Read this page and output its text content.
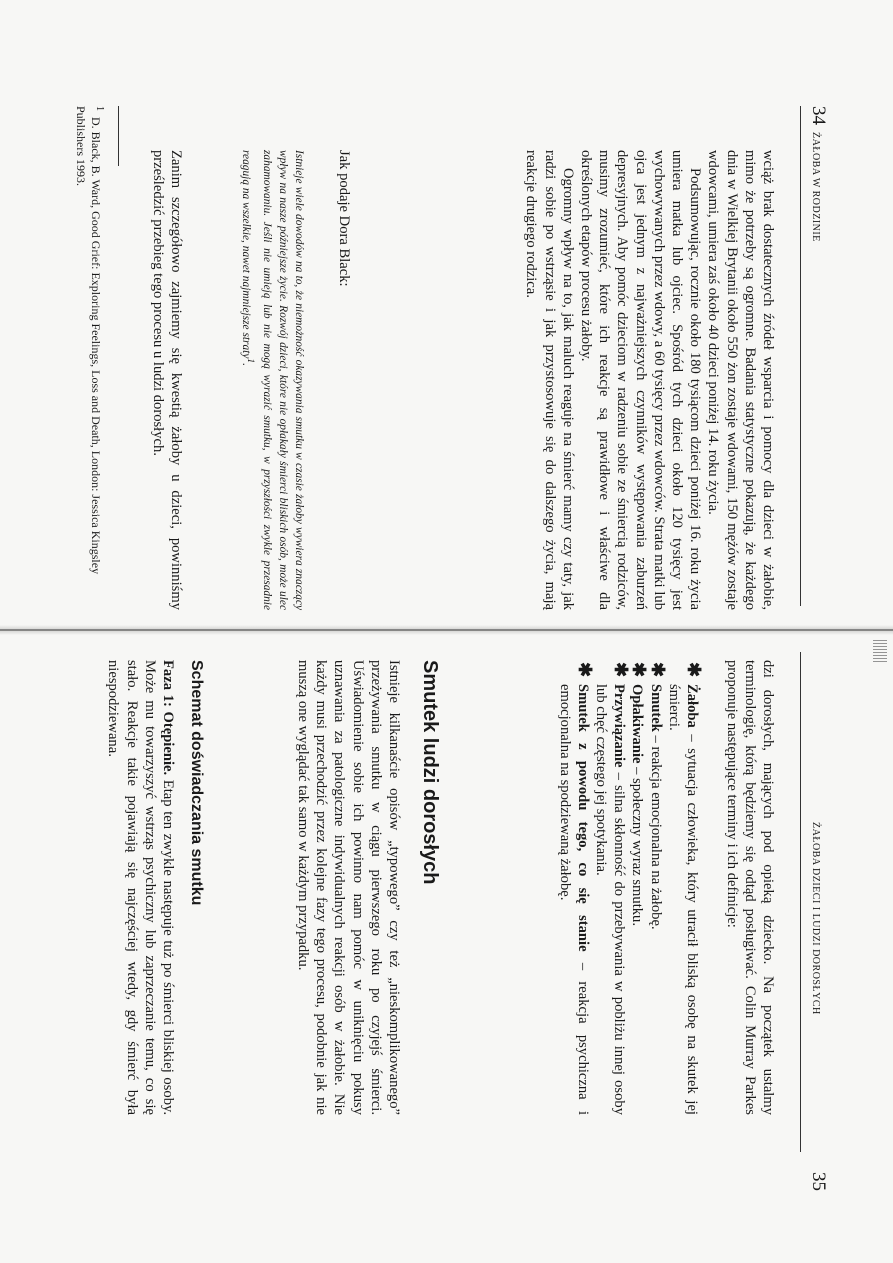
34
ŻAŁOBA W RODZINIE

wciąż brak dostatecznych źródeł wsparcia i pomocy dla dzieci w żałobie, mimo że potrzeby są ogromne. Badania statystyczne pokazują, że każdego dnia w Wielkiej Brytanii około 550 żon zostaje wdowami, 150 mężów zostaje wdowcami, umiera zaś około 40 dzieci poniżej 14. roku życia.

Podsumowując, rocznie około 180 tysiącom dzieci poniżej 16. roku życia umiera matka lub ojciec. Spośród tych dzieci około 120 tysięcy jest wychowywanych przez wdowy, a 60 tysięcy przez wdowców. Strata matki lub ojca jest jednym z najważniejszych czynników występowania zaburzeń depresyjnych. Aby pomóc dzieciom w radzeniu sobie ze śmiercią rodziców, musimy zrozumieć, które ich reakcje są prawidłowe i właściwe dla określonych etapów procesu żałoby.

Ogromny wpływ na to, jak maluch reaguje na śmierć mamy czy taty, jak radzi sobie po wstrząsie i jak przystosowuje się do dalszego życia, mają reakcje drugiego rodzica.

Jak podaje Dora Black:

Istnieje wiele dowodów na to, że niemożność okazywania smutku w czasie żałoby wywiera znaczący wpływ na nasze późniejsze życie. Rozwój dzieci, które nie opłakały śmierci bliskich osób, może ulec zahamowaniu. Jeśli nie umieją lub nie mogą wyrazić smutku, w przyszłości zwykle przesadnie reagują na wszelkie, nawet najmniejsze straty$^1$.

Zanim szczegółowo zajmiemy się kwestią żałoby u dzieci, powinniśmy prześledzić przebieg tego procesu u ludzi dorosłych.

$^1$  D. Black, B. Ward, Good Grief: Exploring Feelings, Loss and Death, London: Jessica Kingsley Publishers 1993.
ŻAŁOBA DZIECI I LUDZI DOROSŁYCH
35

dzi dorosłych, mających pod opieką dziecko. Na początek ustalmy terminologię, którą będziemy się odtąd posługiwać. Colin Murray Parkes proponuje następujące terminy i ich definicje:

✱
Żałoba – sytuacja człowieka, który utracił bliską osobę na skutek jej śmierci.
✱
Smutek – reakcja emocjonalna na żałobę.
✱
Opłakiwanie – społeczny wyraz smutku.
✱
Przywiązanie – silna skłonność do przebywania w pobliżu innej osoby lub chęć częstego jej spotykania.
✱
Smutek z powodu tego, co się stanie – reakcja psychiczna i emocjonalna na spodziewaną żałobę.
Smutek ludzi dorosłych

Istnieje kilkanaście opisów „typowego” czy też „nieskomplikowanego” przeżywania smutku w ciągu pierwszego roku po czyjejś śmierci. Uświadomienie sobie ich powinno nam pomóc w uniknięciu pokusy uznawania za patologiczne indywidualnych reakcji osób w żałobie. Nie każdy musi przechodzić przez kolejne fazy tego procesu, podobnie jak nie muszą one wyglądać tak samo w każdym przypadku.

Schemat doświadczania smutku

Faza 1: Otępienie. Etap ten zwykle następuje tuż po śmierci bliskiej osoby. Może mu towarzyszyć wstrząs psychiczny lub zaprzeczanie temu, co się stało. Reakcje takie pojawiają się najczęściej wtedy, gdy śmierć była niespodziewana.
